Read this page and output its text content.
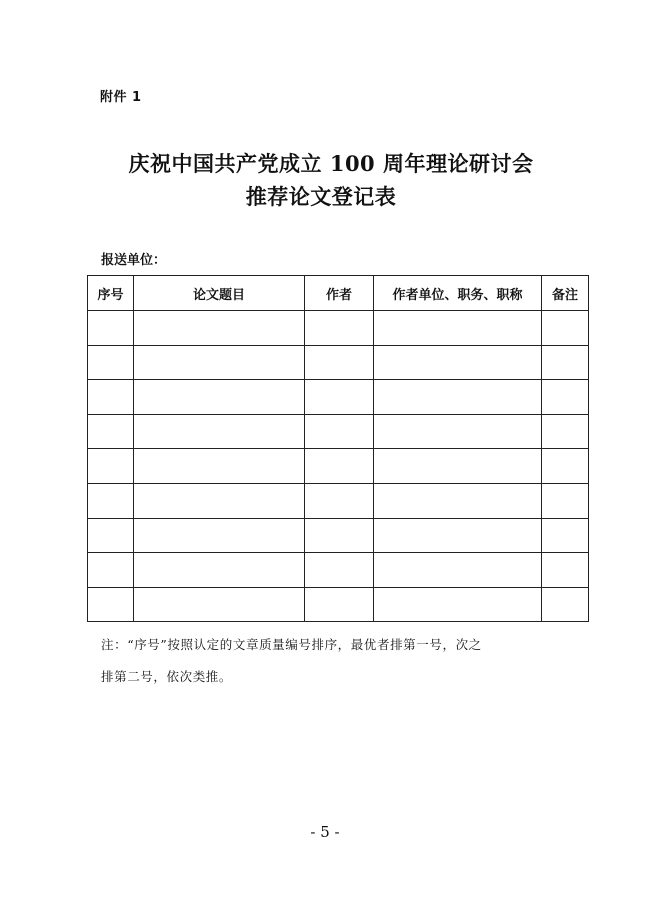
附件 1
庆祝中国共产党成立 100 周年理论研讨会
推荐论文登记表
报送单位：
序号	论文题目	作者	作者单位、职务、职称	备注

注：“序号”按照认定的文章质量编号排序，最优者排第一号，次之
排第二号，依次类推。
- 5 -
